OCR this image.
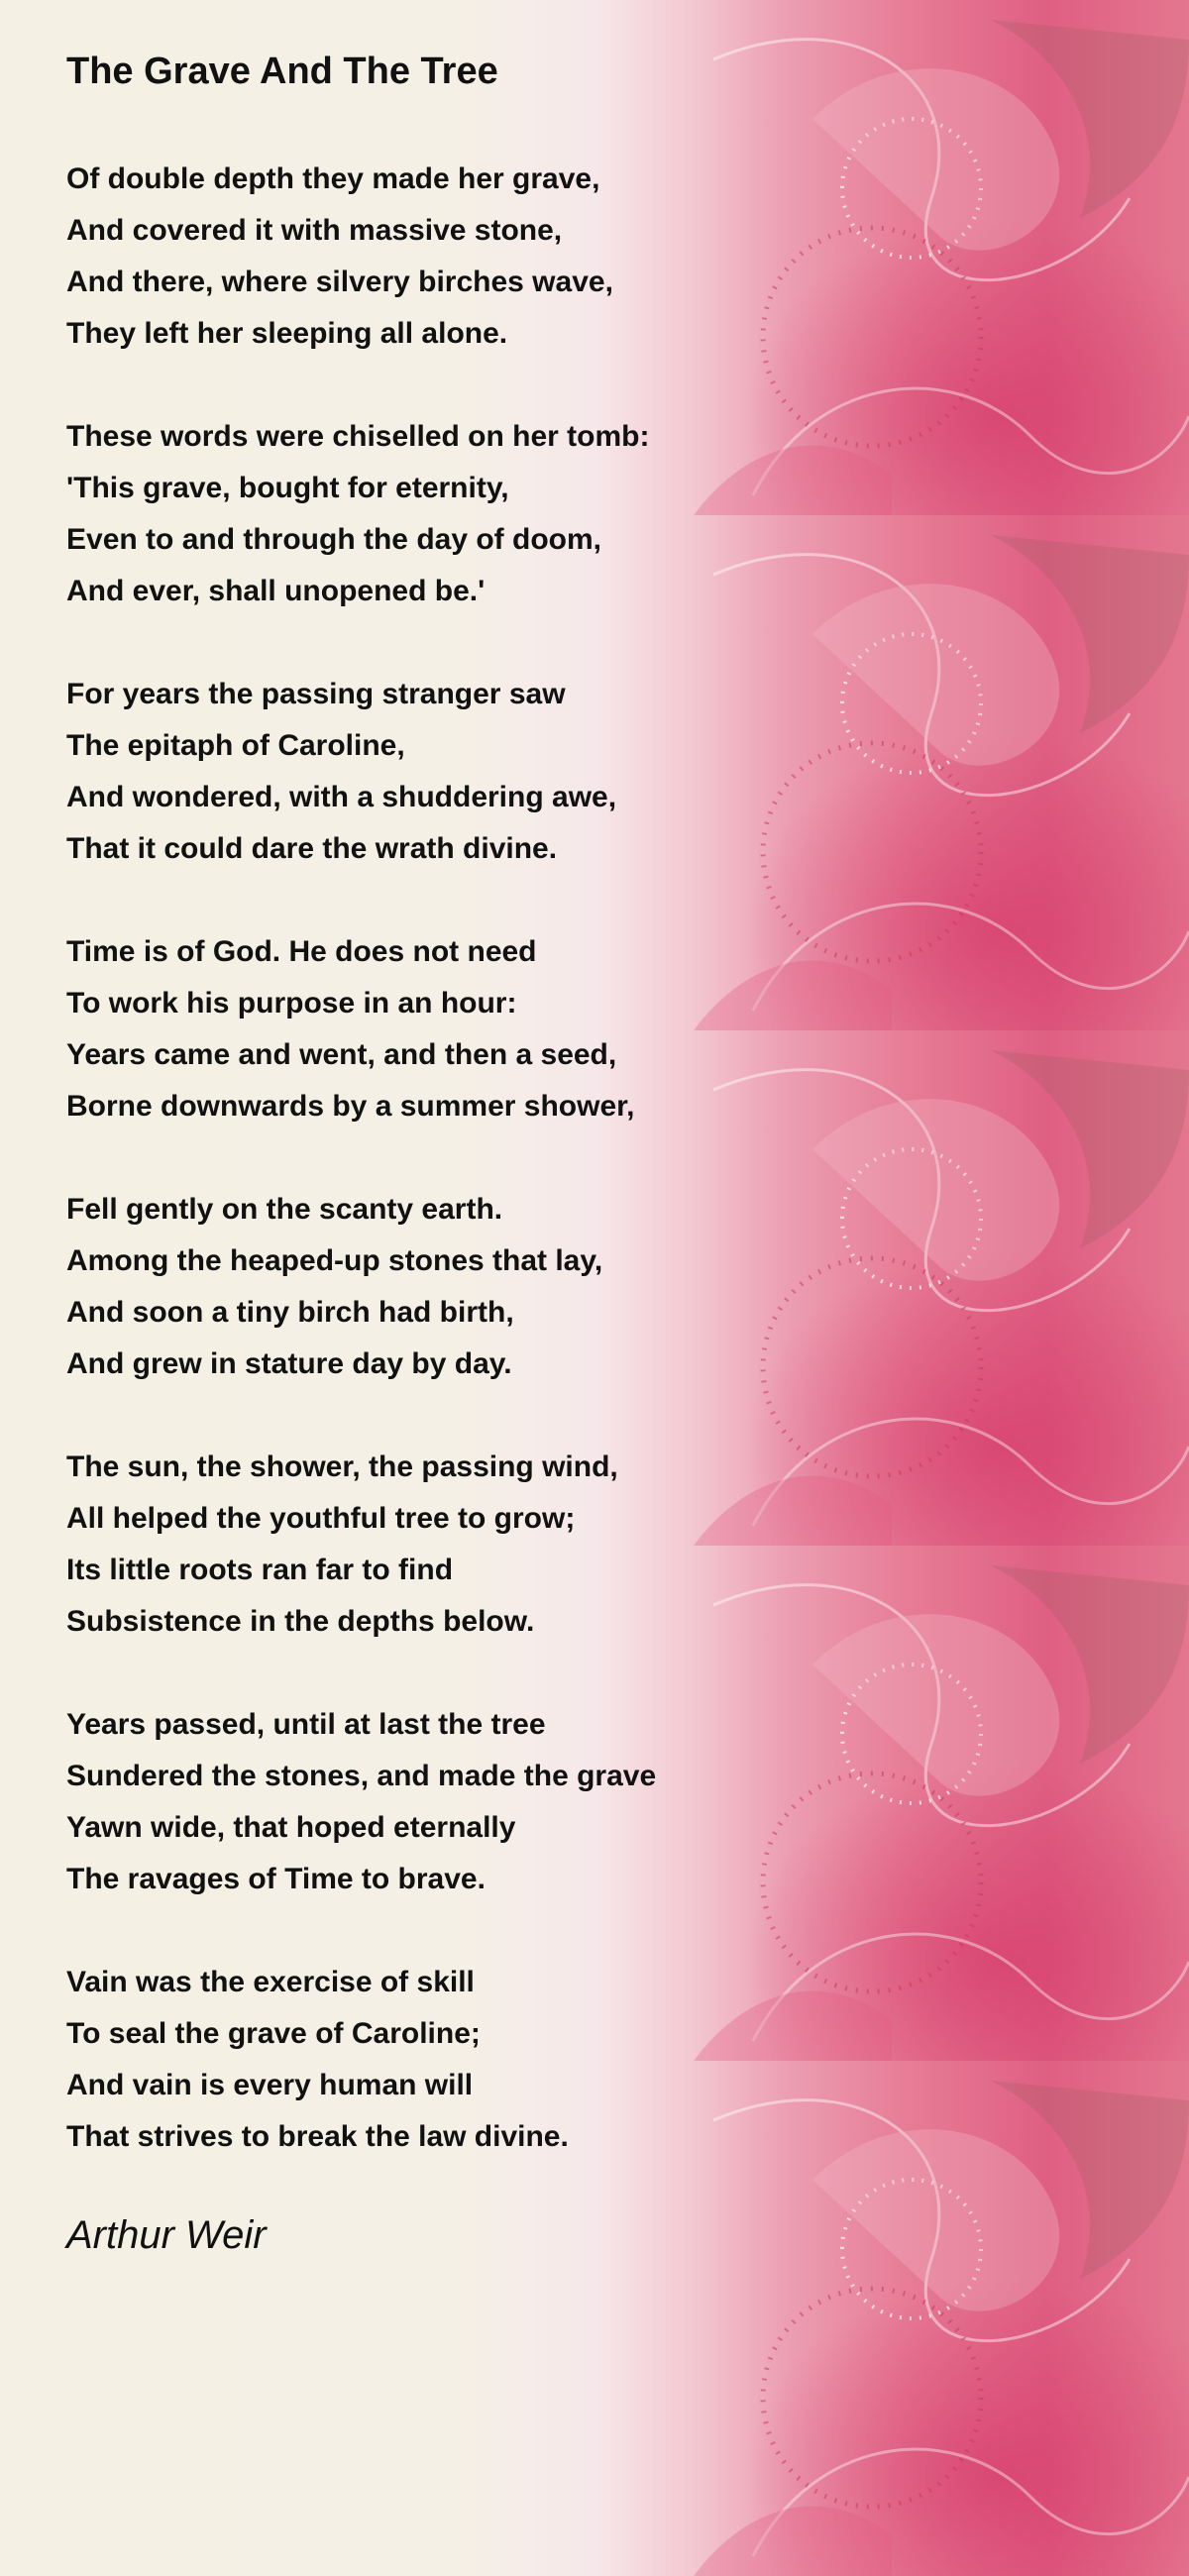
The Grave And The Tree
Of double depth they made her grave,
And covered it with massive stone,
And there, where silvery birches wave,
They left her sleeping all alone.
These words were chiselled on her tomb:
'This grave, bought for eternity,
Even to and through the day of doom,
And ever, shall unopened be.'
For years the passing stranger saw
The epitaph of Caroline,
And wondered, with a shuddering awe,
That it could dare the wrath divine.
Time is of God. He does not need
To work his purpose in an hour:
Years came and went, and then a seed,
Borne downwards by a summer shower,
Fell gently on the scanty earth.
Among the heaped-up stones that lay,
And soon a tiny birch had birth,
And grew in stature day by day.
The sun, the shower, the passing wind,
All helped the youthful tree to grow;
Its little roots ran far to find
Subsistence in the depths below.
Years passed, until at last the tree
Sundered the stones, and made the grave
Yawn wide, that hoped eternally
The ravages of Time to brave.
Vain was the exercise of skill
To seal the grave of Caroline;
And vain is every human will
That strives to break the law divine.

Arthur Weir
